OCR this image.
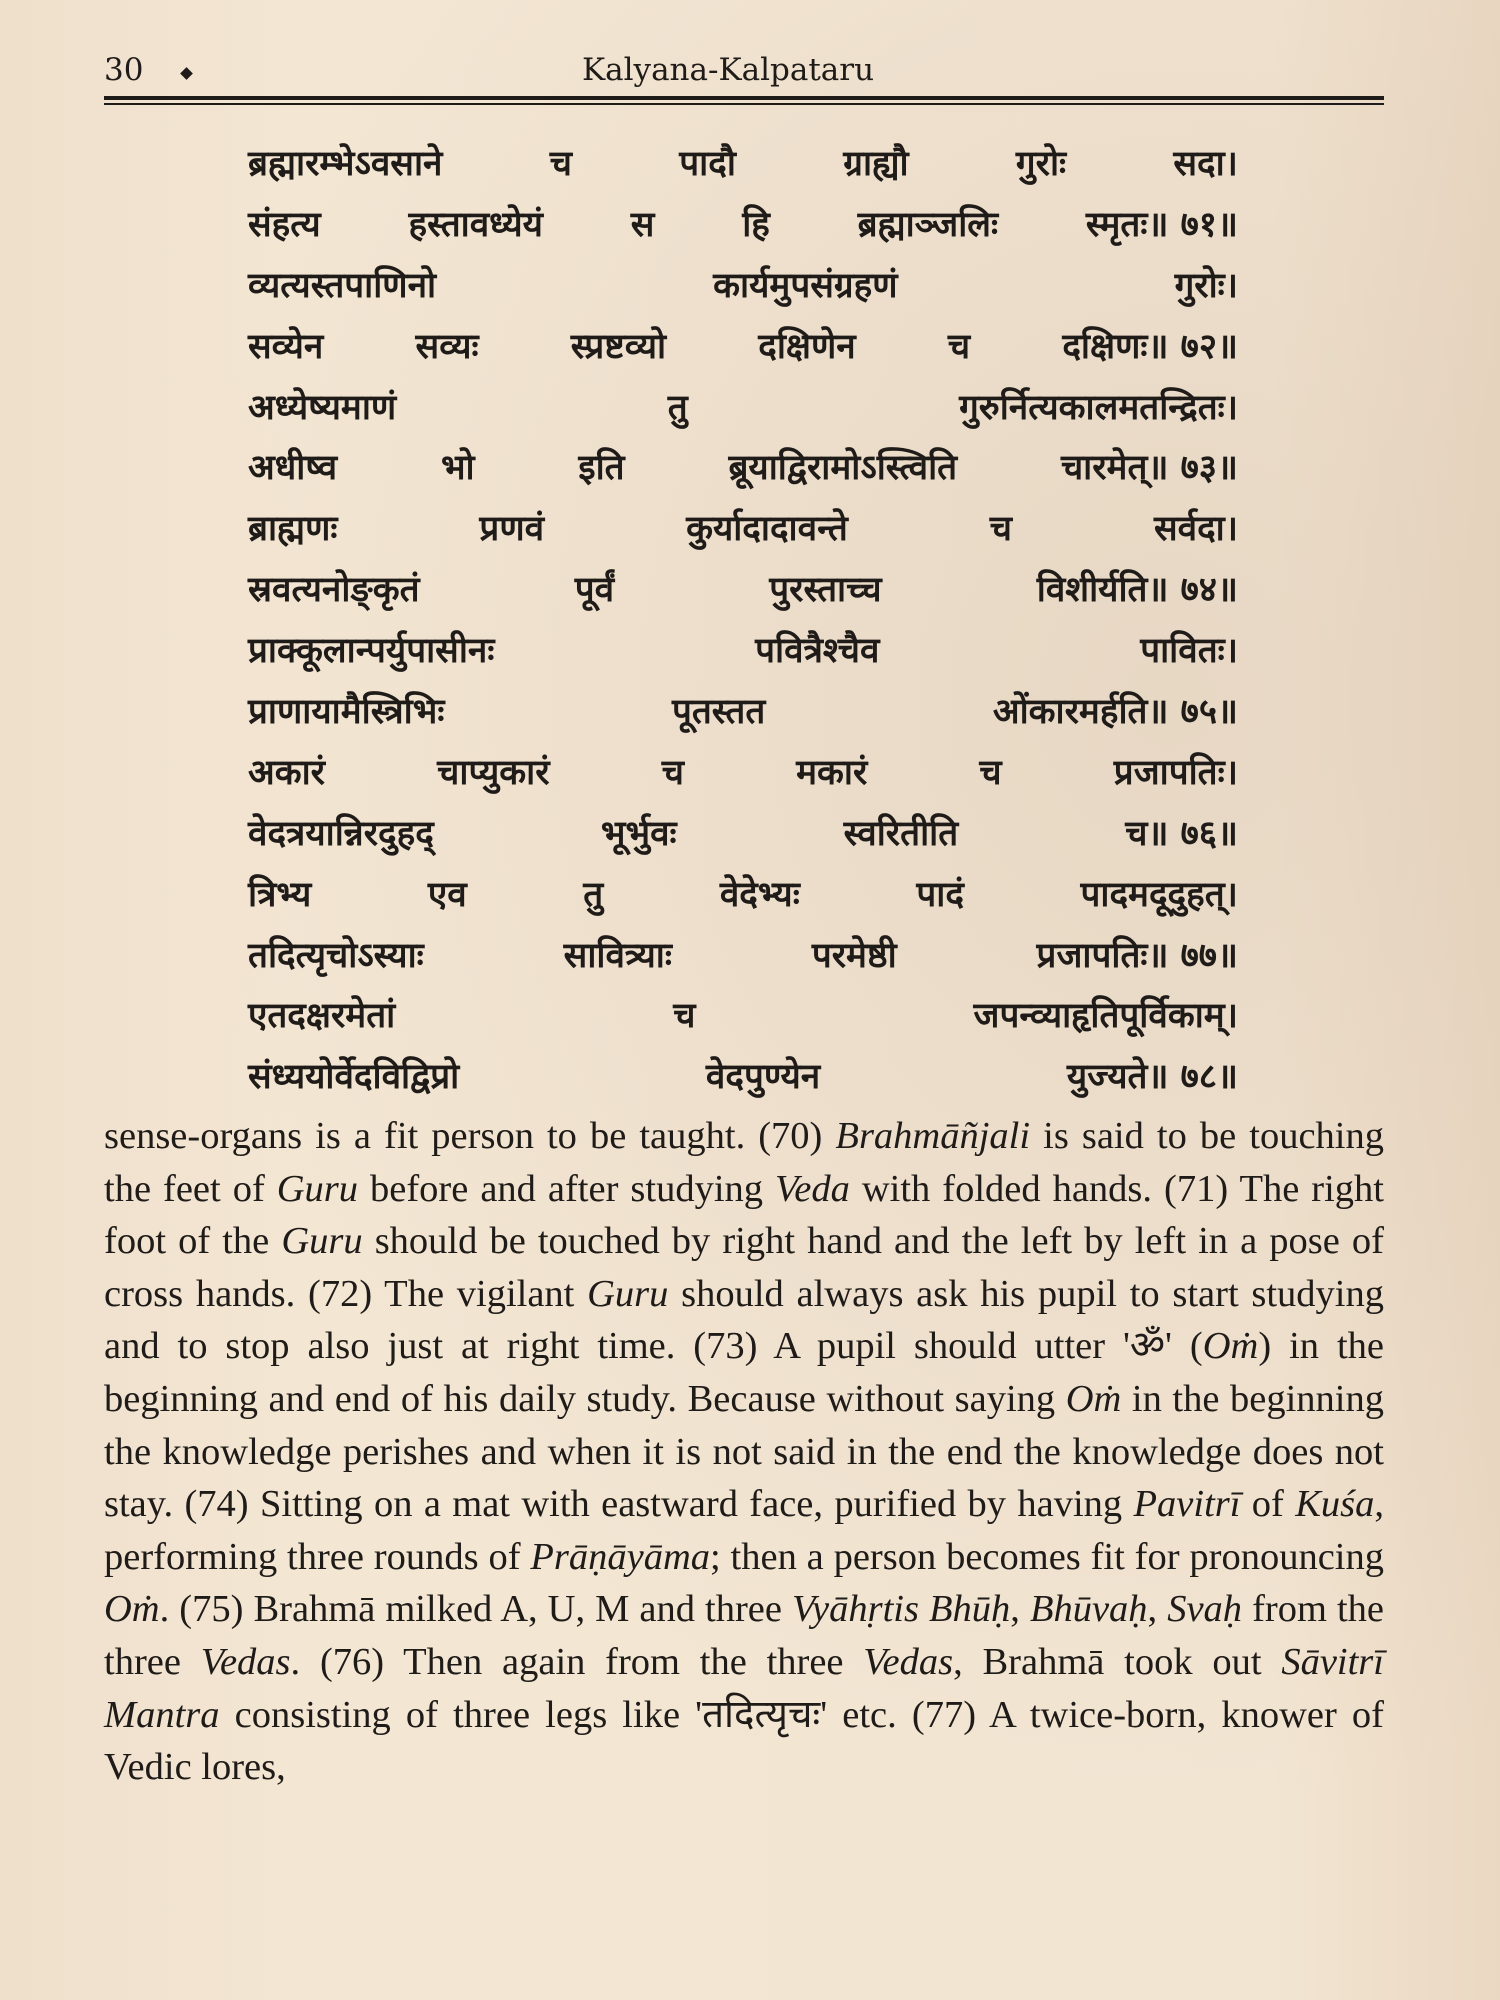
30	Kalyana-Kalpataru
ब्रह्मारम्भेऽवसाने	च	पादौ	ग्राह्यौ	गुरोः	सदा।
संहत्य	हस्तावध्येयं	स	हि	ब्रह्माञ्जलिः	स्मृतः॥ ७१॥
व्यत्यस्तपाणिनो	कार्यमुपसंग्रहणं	गुरोः।
सव्येन	सव्यः	स्प्रष्टव्यो	दक्षिणेन	च	दक्षिणः॥ ७२॥
अध्येष्यमाणं	तु	गुरुर्नित्यकालमतन्द्रितः।
अधीष्व	भो	इति	ब्रूयाद्विरामोऽस्त्विति	चारमेत्॥ ७३॥
ब्राह्मणः	प्रणवं	कुर्यादादावन्ते	च	सर्वदा।
स्रवत्यनोङ्कृतं	पूर्वं	पुरस्ताच्च	विशीर्यति॥ ७४॥
प्राक्कूलान्पर्युपासीनः	पवित्रैश्चैव	पावितः।
प्राणायामैस्त्रिभिः	पूतस्तत	ओंकारमर्हति॥ ७५॥
अकारं	चाप्युकारं	च	मकारं	च	प्रजापतिः।
वेदत्रयान्निरदुहद्	भूर्भुवः	स्वरितीति	च॥ ७६॥
त्रिभ्य	एव	तु	वेदेभ्यः	पादं	पादमदूदुहत्।
तदित्यृचोऽस्याः	सावित्र्याः	परमेष्ठी	प्रजापतिः॥ ७७॥
एतदक्षरमेतां	च	जपन्व्याहृतिपूर्विकाम्।
संध्ययोर्वेदविद्विप्रो	वेदपुण्येन	युज्यते॥ ७८॥

sense-organs is a fit person to be taught. (70) Brahmāñjali is said to be touching the feet of Guru before and after studying Veda with folded hands. (71) The right foot of the Guru should be touched by right hand and the left by left in a pose of cross hands. (72) The vigilant Guru should always ask his pupil to start studying and to stop also just at right time. (73) A pupil should utter 'ॐ' (Oṁ) in the beginning and end of his daily study. Because without saying Oṁ in the beginning the knowledge perishes and when it is not said in the end the knowledge does not stay. (74) Sitting on a mat with eastward face, purified by having Pavitrī of Kuśa, performing three rounds of Prāṇāyāma; then a person becomes fit for pronouncing Oṁ. (75) Brahmā milked A, U, M and three Vyāhṛtis Bhūḥ, Bhūvaḥ, Svaḥ from the three Vedas. (76) Then again from the three Vedas, Brahmā took out Sāvitrī Mantra consisting of three legs like 'तदित्यृचः' etc. (77) A twice-born, knower of Vedic lores,
